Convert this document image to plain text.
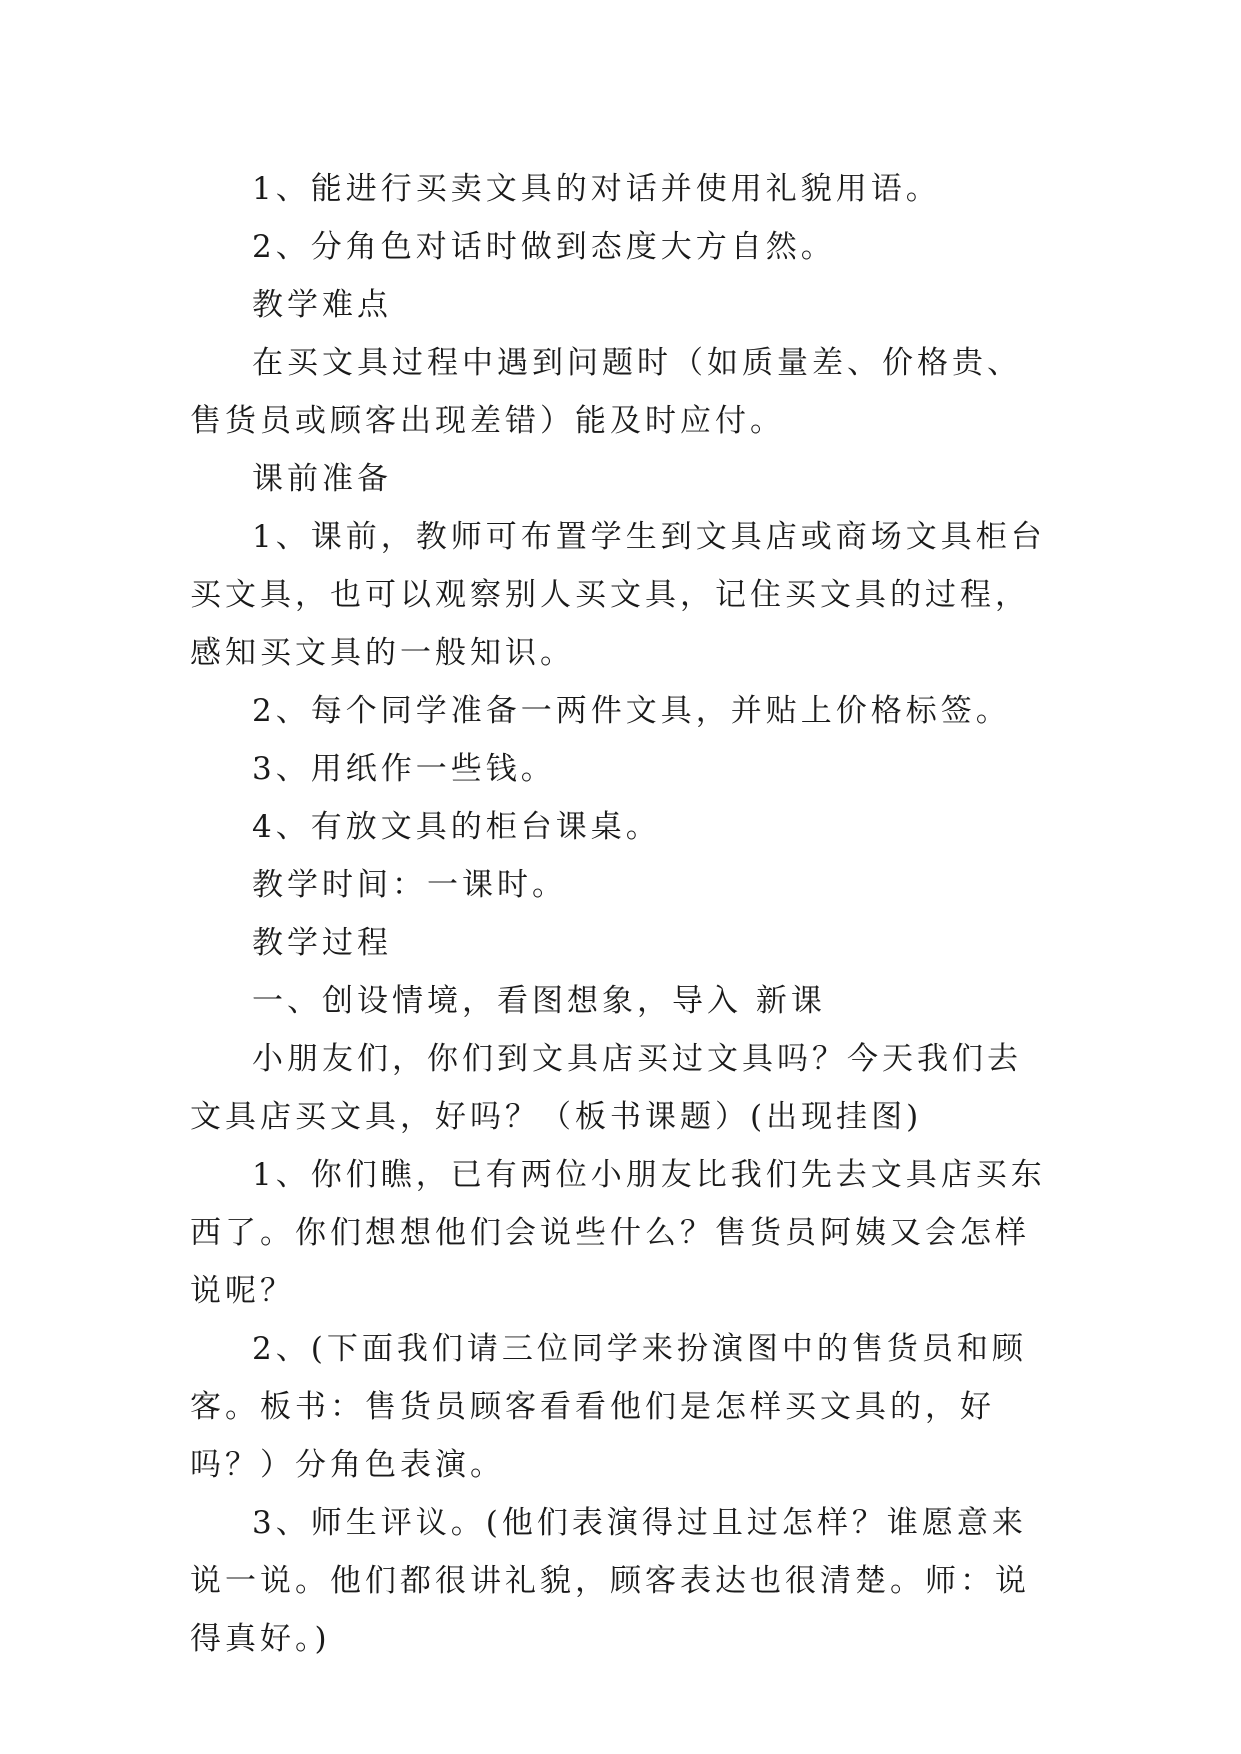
1、能进行买卖文具的对话并使用礼貌用语。

2、分角色对话时做到态度大方自然。

教学难点

在买文具过程中遇到问题时（如质量差、价格贵、售货员或顾客出现差错）能及时应付。

课前准备

1、课前，教师可布置学生到文具店或商场文具柜台买文具，也可以观察别人买文具，记住买文具的过程，感知买文具的一般知识。

2、每个同学准备一两件文具，并贴上价格标签。

3、用纸作一些钱。

4、有放文具的柜台课桌。

教学时间：一课时。

教学过程

一、创设情境，看图想象，导入 新课

小朋友们，你们到文具店买过文具吗？今天我们去文具店买文具，好吗？（板书课题）(出现挂图)

1、你们瞧，已有两位小朋友比我们先去文具店买东西了。你们想想他们会说些什么？售货员阿姨又会怎样说呢？

2、(下面我们请三位同学来扮演图中的售货员和顾客。板书：售货员顾客看看他们是怎样买文具的，好吗？）分角色表演。

3、师生评议。(他们表演得过且过怎样？谁愿意来说一说。他们都很讲礼貌，顾客表达也很清楚。师：说得真好。)
